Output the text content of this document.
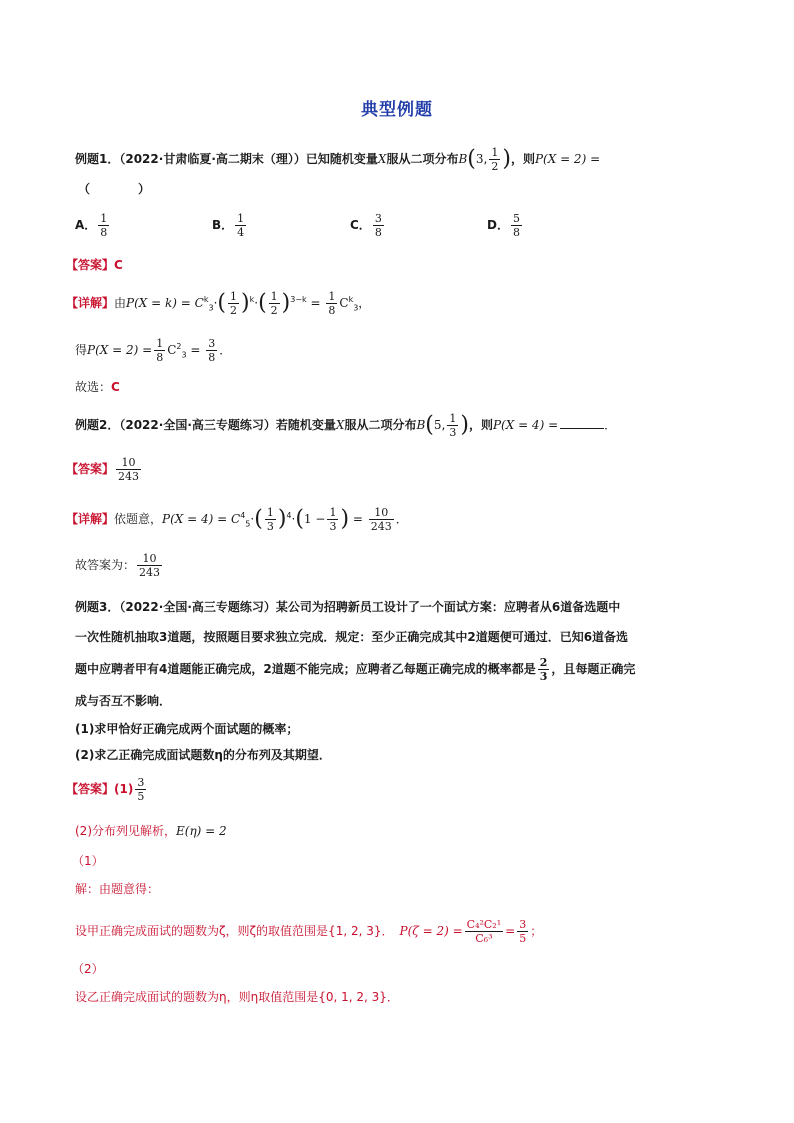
典型例题
例题1．（2022·甘肃临夏·高二期末（理））已知随机变量X服从二项分布B(3, $\frac{1}{2}$ )，则P(X = 2) =
（　　　　）
A． $\frac{1}{8}$	B． $\frac{1}{4}$	C． $\frac{3}{8}$	D． $\frac{5}{8}$
【答案】C
【详解】由$P(X = k) = C^k_3\cdot( \frac{1}{2} )^k\cdot( \frac{1}{2} )^{3-k} = \frac{1}{8} C^k_3$，
得$P(X = 2) = \frac{1}{8} C^2_3 = \frac{3}{8}$ ．
故选：C
例题2．（2022·全国·高三专题练习）若随机变量X服从二项分布B(5, $\frac{1}{3}$ )，则P(X = 4) =	．
【答案】 $\frac{10}{243}$
【详解】依题意，$P(X = 4) = C^4_5\cdot( \frac{1}{3} )^4\cdot(1 - \frac{1}{3}$ ) = $\frac{10}{243}$ ．
故答案为： $\frac{10}{243}$
例题3．（2022·全国·高三专题练习）某公司为招聘新员工设计了一个面试方案：应聘者从6道备选题中
一次性随机抽取3道题，按照题目要求独立完成．规定：至少正确完成其中2道题便可通过．已知6道备选
题中应聘者甲有4道题能正确完成，2道题不能完成；应聘者乙每题正确完成的概率都是 $\frac{2}{3}$ ，且每题正确完
成与否互不影响．
(1)求甲恰好正确完成两个面试题的概率；
(2)求乙正确完成面试题数η的分布列及其期望．
【答案】$(1) \frac{3}{5}$
(2)分布列见解析，E(η) = 2
（1）
解：由题意得：
设甲正确完成面试的题数为ζ，则ζ的取值范围是{1, 2, 3}．　 $P(\zeta = 2) = \frac{\text{C₄²C₂¹}}{\text{C₆³}} = \frac{3}{5}$ ；
（2）
设乙正确完成面试的题数为η，则η取值范围是{0, 1, 2, 3}．
